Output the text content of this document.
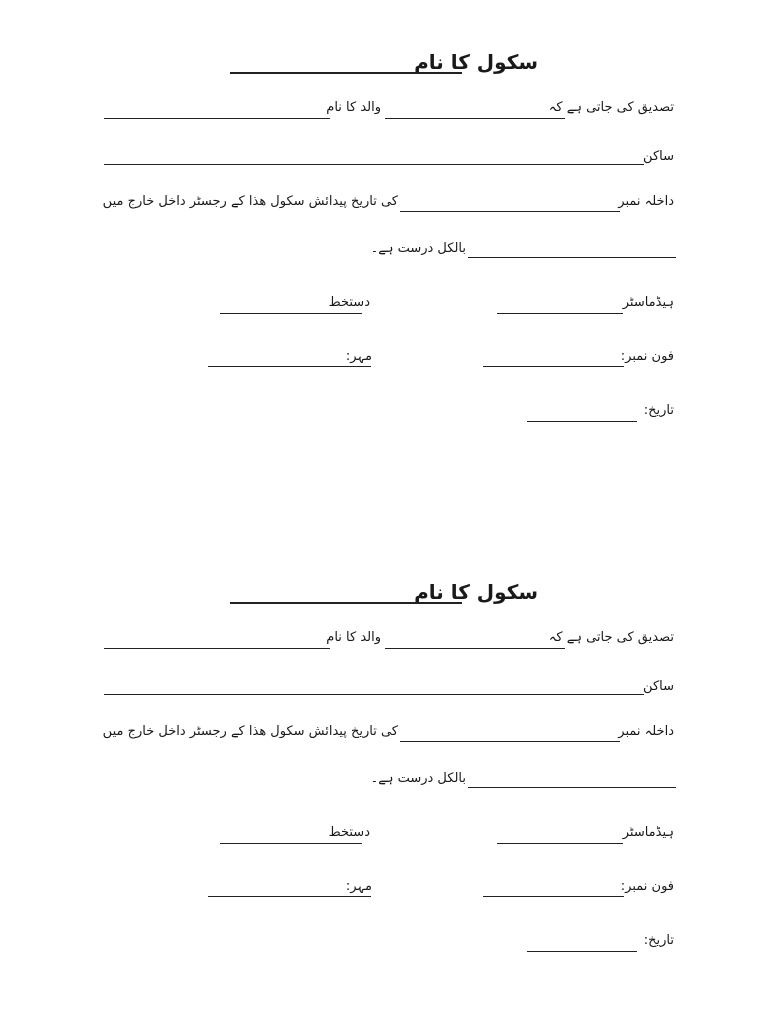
سکول کا نام
تصدیق کی جاتی ہے کہ
والد کا نام
ساکن
داخلہ نمبر
کی تاریخ پیدائش سکول ھذا کے رجسٹر داخل خارج میں
بالکل درست ہے۔
ہیڈماسٹر
دستخط
فون نمبر:
مہر:
تاریخ:
سکول کا نام
تصدیق کی جاتی ہے کہ
والد کا نام
ساکن
داخلہ نمبر
کی تاریخ پیدائش سکول ھذا کے رجسٹر داخل خارج میں
بالکل درست ہے۔
ہیڈماسٹر
دستخط
فون نمبر:
مہر:
تاریخ:
